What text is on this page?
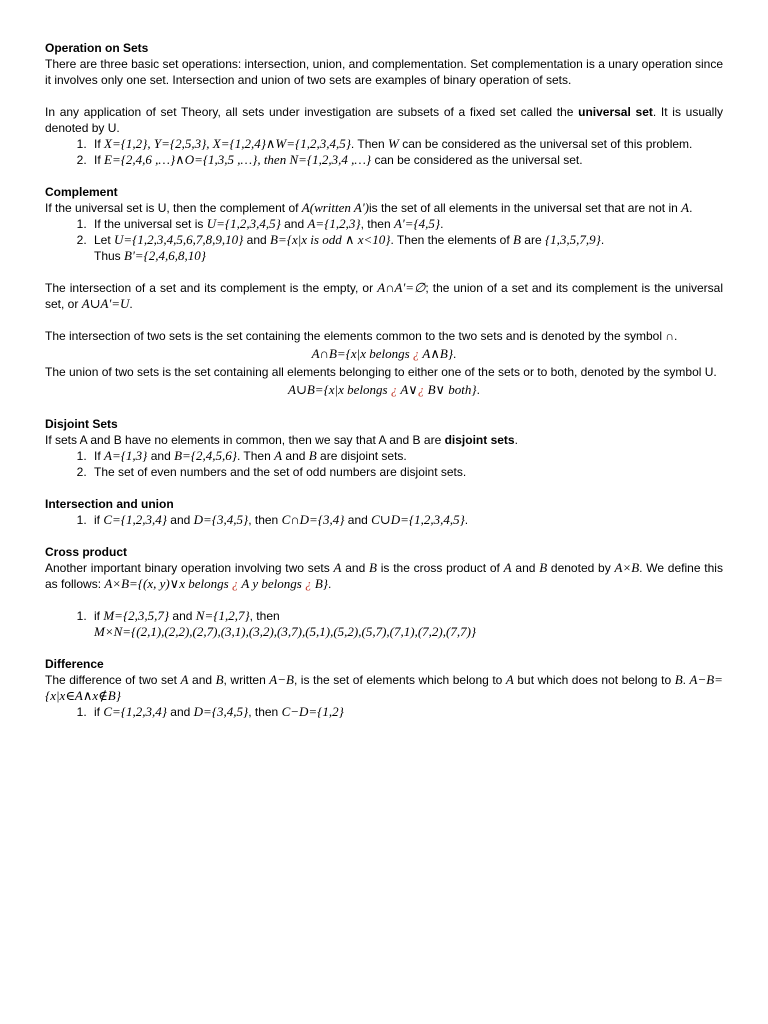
Operation on Sets

There are three basic set operations: intersection, union, and complementation. Set complementation is a unary operation since it involves only one set. Intersection and union of two sets are examples of binary operation of sets.

In any application of set Theory, all sets under investigation are subsets of a fixed set called the universal set. It is usually denoted by U.

1. If X={1,2}, Y={2,5,3}, X={1,2,4}∧W={1,2,3,4,5}. Then W can be considered as the universal set of this problem.
2. If E={2,4,6 ,…}∧O={1,3,5 ,…}, then N={1,2,3,4 ,…} can be considered as the universal set.

Complement

If the universal set is U, then the complement of A(written A')is the set of all elements in the universal set that are not in A.

1. If the universal set is U={1,2,3,4,5} and A={1,2,3}, then A'={4,5}.
2. Let U={1,2,3,4,5,6,7,8,9,10} and B={x|x is odd ∧ x<10}. Then the elements of B are {1,3,5,7,9}.
Thus B'={2,4,6,8,10}

The intersection of a set and its complement is the empty, or A∩A'=∅; the union of a set and its complement is the universal set, or A∪A'=U.

The intersection of two sets is the set containing the elements common to the two sets and is denoted by the symbol ∩.

A∩B={x|x belongs ¿ A∧B}.

The union of two sets is the set containing all elements belonging to either one of the sets or to both, denoted by the symbol U.

A∪B={x|x belongs ¿ A∨¿ B∨ both}.

Disjoint Sets

If sets A and B have no elements in common, then we say that A and B are disjoint sets.

1. If A={1,3} and B={2,4,5,6}. Then A and B are disjoint sets.
2. The set of even numbers and the set of odd numbers are disjoint sets.

Intersection and union

1. if C={1,2,3,4} and D={3,4,5}, then C∩D={3,4} and C∪D={1,2,3,4,5}.

Cross product

Another important binary operation involving two sets A and B is the cross product of A and B denoted by A×B. We define this as follows: A×B={(x, y)∨x belongs ¿ A y belongs ¿ B}.

1. if M={2,3,5,7} and N={1,2,7}, then
M×N={(2,1),(2,2),(2,7),(3,1),(3,2),(3,7),(5,1),(5,2),(5,7),(7,1),(7,2),(7,7)}

Difference

The difference of two set A and B, written A−B, is the set of elements which belong to A but which does not belong to B. A−B={x|x∈A∧x∉B}

1. if C={1,2,3,4} and D={3,4,5}, then C−D={1,2}
